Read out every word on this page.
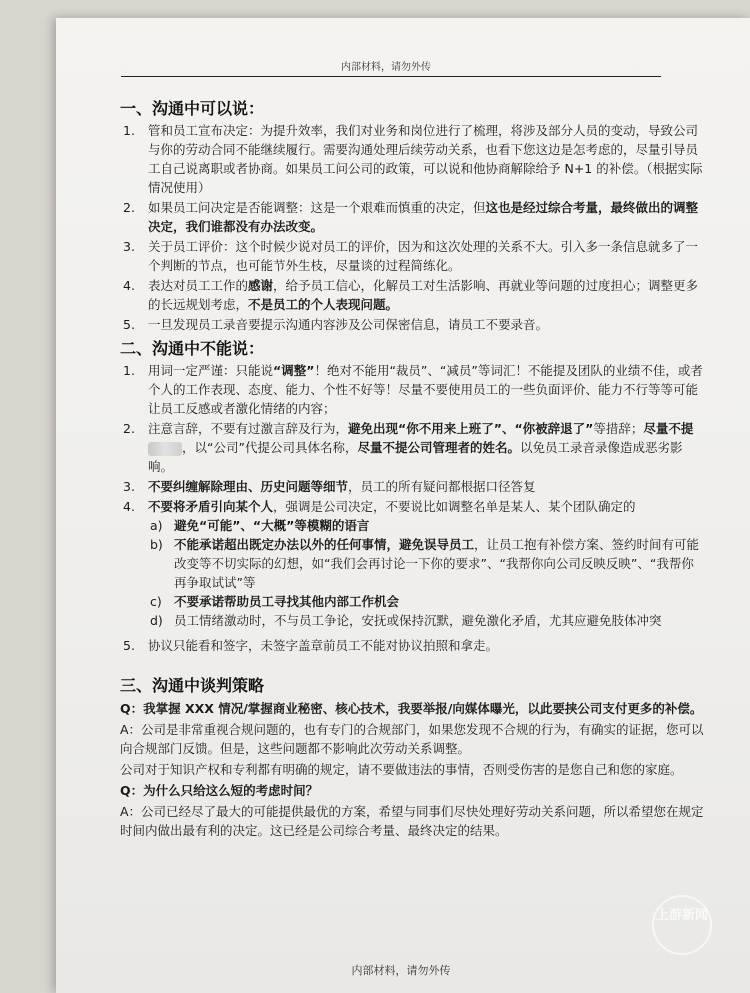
内部材料，请勿外传
一、沟通中可以说：
1. 管和员工宣布决定：为提升效率，我们对业务和岗位进行了梳理，将涉及部分人员的变动，导致公司与你的劳动合同不能继续履行。需要沟通处理后续劳动关系，也看下您这边是怎考虑的，尽量引导员工自己说离职或者协商。如果员工问公司的政策，可以说和他协商解除给予 N+1 的补偿。（根据实际情况使用）
2. 如果员工问决定是否能调整：这是一个艰难而慎重的决定，但这也是经过综合考量，最终做出的调整决定，我们谁都没有办法改变。
3. 关于员工评价：这个时候少说对员工的评价，因为和这次处理的关系不大。引入多一条信息就多了一个判断的节点，也可能节外生枝，尽量谈的过程简练化。
4. 表达对员工工作的感谢，给予员工信心，化解员工对生活影响、再就业等问题的过度担心；调整更多的长远规划考虑，不是员工的个人表现问题。
5. 一旦发现员工录音要提示沟通内容涉及公司保密信息，请员工不要录音。
二、沟通中不能说：
1. 用词一定严谨：只能说“调整”！绝对不能用“裁员”、“减员”等词汇！不能提及团队的业绩不佳，或者个人的工作表现、态度、能力、个性不好等！尽量不要使用员工的一些负面评价、能力不行等等可能让员工反感或者激化情绪的内容；
2. 注意言辞，不要有过激言辞及行为，避免出现“你不用来上班了”、“你被辞退了”等措辞；尽量不提，以“公司”代提公司具体名称，尽量不提公司管理者的姓名。以免员工录音录像造成恶劣影响。
3. 不要纠缠解除理由、历史问题等细节，员工的所有疑问都根据口径答复
4. 不要将矛盾引向某个人，强调是公司决定，不要说比如调整名单是某人、某个团队确定的
a) 避免“可能”、“大概”等模糊的语言
b) 不能承诺超出既定办法以外的任何事情，避免误导员工，让员工抱有补偿方案、签约时间有可能改变等不切实际的幻想，如“我们会再讨论一下你的要求”、“我帮你向公司反映反映”、“我帮你再争取试试”等
c) 不要承诺帮助员工寻找其他内部工作机会
d) 员工情绪激动时，不与员工争论，安抚或保持沉默，避免激化矛盾，尤其应避免肢体冲突
5. 协议只能看和签字，未签字盖章前员工不能对协议拍照和拿走。
三、沟通中谈判策略
Q：我掌握 XXX 情况/掌握商业秘密、核心技术，我要举报/向媒体曝光，以此要挟公司支付更多的补偿。
A：公司是非常重视合规问题的，也有专门的合规部门，如果您发现不合规的行为，有确实的证据，您可以向合规部门反馈。但是，这些问题都不影响此次劳动关系调整。
公司对于知识产权和专利都有明确的规定，请不要做违法的事情，否则受伤害的是您自己和您的家庭。
Q：为什么只给这么短的考虑时间？
A：公司已经尽了最大的可能提供最优的方案，希望与同事们尽快处理好劳动关系问题，所以希望您在规定时间内做出最有利的决定。这已经是公司综合考量、最终决定的结果。
内部材料，请勿外传
上游新闻
